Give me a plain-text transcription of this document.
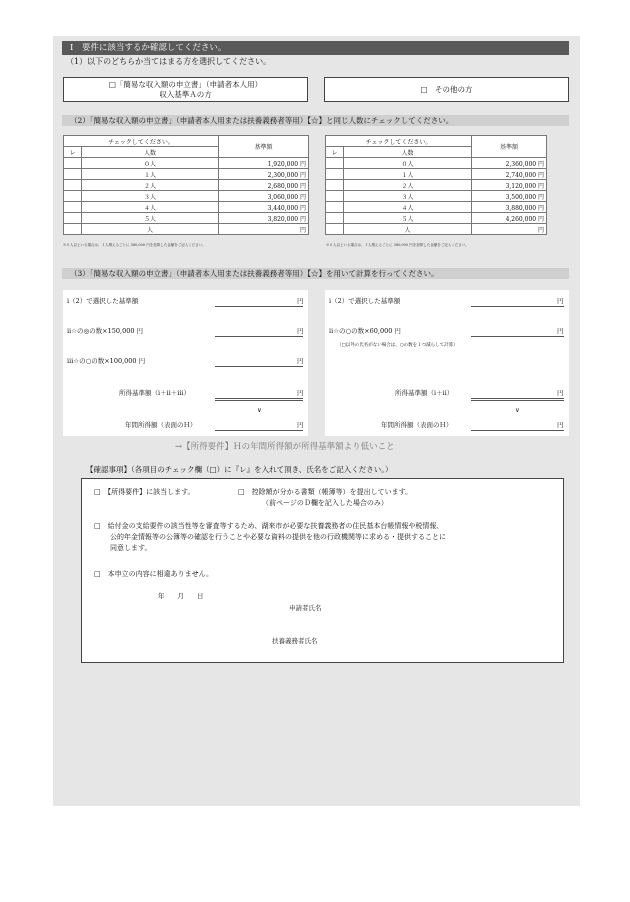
Ⅰ　要件に該当するか確認してください。
（1）以下のどちらか当てはまる方を選択してください。
□「簡易な収入額の申立書」（申請者本人用）
収入基準Ａの方
□　その他の方
（2）「簡易な収入額の申立書」（申請者本人用または扶養義務者等用）【☆】と同じ人数にチェックしてください。
チェックしてください。		基準額
レ	人数	
	０人	1,920,000 円
	１人	2,300,000 円
	２人	2,680,000 円
	３人	3,060,000 円
	４人	3,440,000 円
	５人	3,820,000 円
	人	円
※６人以上いる場合は、１人増えるごとに 380,000 円を加算した金額をご記入ください。
チェックしてください。		基準額
レ	人数	
	０人	2,360,000 円
	１人	2,740,000 円
	２人	3,120,000 円
	３人	3,500,000 円
	４人	3,880,000 円
	５人	4,260,000 円
	人	円
※６人以上いる場合は、１人増えるごとに 380,000 円を加算した金額をご記入ください。
（3）「簡易な収入額の申立書」（申請者本人用または扶養義務者等用）【☆】を用いて計算を行ってください。
ⅰ（2）で選択した基準額	円
ⅱ☆の◎の数×150,000 円	円
ⅲ☆の○の数×100,000 円	円
所得基準額（ⅰ＋ⅱ＋ⅲ）	円
∨
年間所得額（表面のＨ）	円
ⅰ（2）で選択した基準額	円
ⅱ☆の○の数×60,000 円	円
（□以外の氏名がない場合は、○の数を１つ減らして計算）
所得基準額（ⅰ＋ⅱ）	円
∨
年間所得額（表面のＨ）	円
→【所得要件】Ｈの年間所得額が所得基準額より低いこと
【確認事項】（各項目のチェック欄（□）に『レ』を入れて頂き、氏名をご記入ください。）
□　【所得要件】に該当します。	□　控除額が分かる書類（帳簿等）を提出しています。
（前ページのＤ欄を記入した場合のみ）
□　給付金の支給要件の該当性等を審査等するため、湖来市が必要な扶養義務者の住民基本台帳情報や税情報、
公的年金情報等の公簿等の確認を行うことや必要な資料の提供を他の行政機関等に求める・提供することに
同意します。
□　本申立の内容に相違ありません。
年　　月　　日
申請者氏名
扶養義務者氏名
